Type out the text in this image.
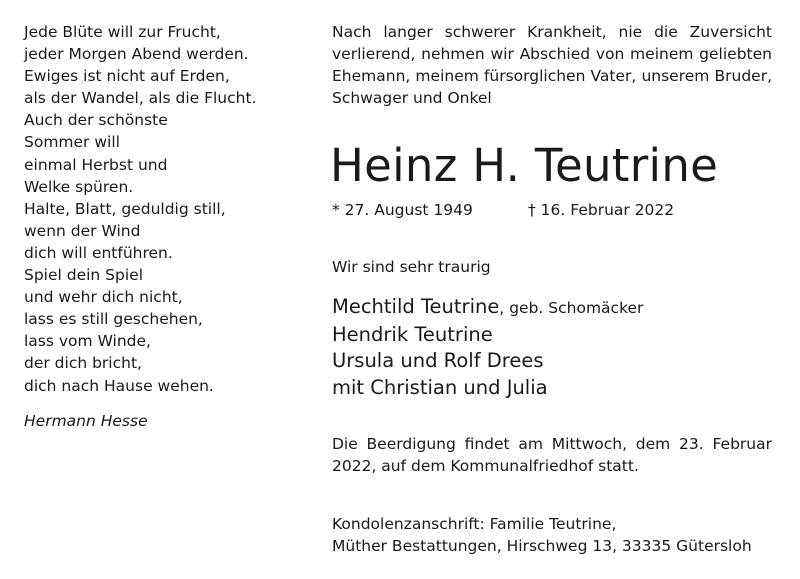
Jede Blüte will zur Frucht,
jeder Morgen Abend werden.
Ewiges ist nicht auf Erden,
als der Wandel, als die Flucht.
Auch der schönste
Sommer will
einmal Herbst und
Welke spüren.
Halte, Blatt, geduldig still,
wenn der Wind
dich will entführen.
Spiel dein Spiel
und wehr dich nicht,
lass es still geschehen,
lass vom Winde,
der dich bricht,
dich nach Hause wehen.
Hermann Hesse
Nach langer schwerer Krankheit, nie die Zuversicht verlierend, nehmen wir Abschied von meinem geliebten Ehemann, meinem fürsorglichen Vater, unserem Bruder, Schwager und Onkel
Heinz H. Teutrine
* 27. August 1949	† 16. Februar 2022
Wir sind sehr traurig
Mechtild Teutrine, geb. Schomäcker
Hendrik Teutrine
Ursula und Rolf Drees
mit Christian und Julia
Die Beerdigung findet am Mittwoch, dem 23. Februar 2022, auf dem Kommunalfriedhof statt.
Kondolenzanschrift: Familie Teutrine,
Müther Bestattungen, Hirschweg 13, 33335 Gütersloh
